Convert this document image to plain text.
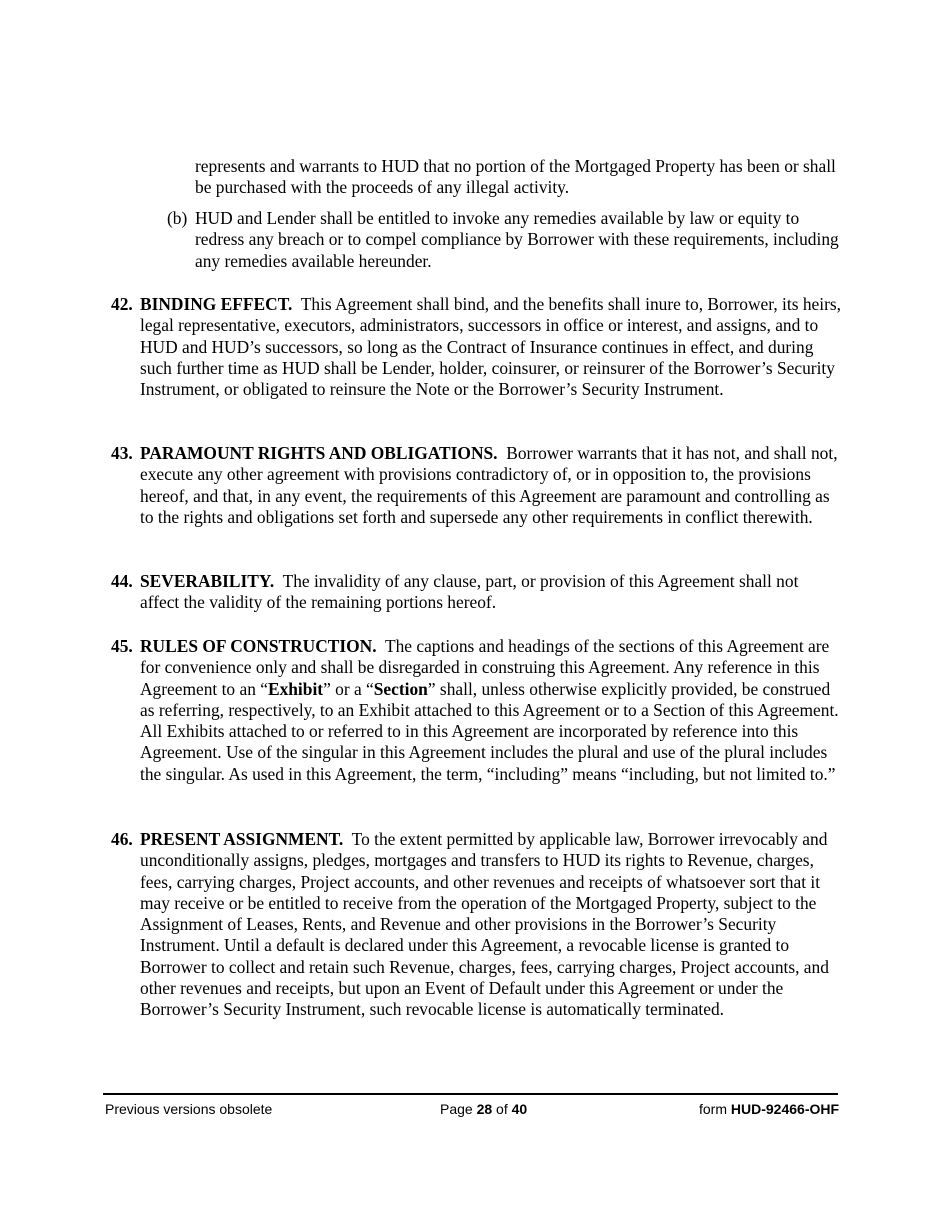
represents and warrants to HUD that no portion of the Mortgaged Property has been or shall be purchased with the proceeds of any illegal activity.

(b) HUD and Lender shall be entitled to invoke any remedies available by law or equity to redress any breach or to compel compliance by Borrower with these requirements, including any remedies available hereunder.
42. BINDING EFFECT. This Agreement shall bind, and the benefits shall inure to, Borrower, its heirs, legal representative, executors, administrators, successors in office or interest, and assigns, and to HUD and HUD’s successors, so long as the Contract of Insurance continues in effect, and during such further time as HUD shall be Lender, holder, coinsurer, or reinsurer of the Borrower’s Security Instrument, or obligated to reinsure the Note or the Borrower’s Security Instrument.
43. PARAMOUNT RIGHTS AND OBLIGATIONS. Borrower warrants that it has not, and shall not, execute any other agreement with provisions contradictory of, or in opposition to, the provisions hereof, and that, in any event, the requirements of this Agreement are paramount and controlling as to the rights and obligations set forth and supersede any other requirements in conflict therewith.
44. SEVERABILITY. The invalidity of any clause, part, or provision of this Agreement shall not affect the validity of the remaining portions hereof.
45. RULES OF CONSTRUCTION. The captions and headings of the sections of this Agreement are for convenience only and shall be disregarded in construing this Agreement. Any reference in this Agreement to an “Exhibit” or a “Section” shall, unless otherwise explicitly provided, be construed as referring, respectively, to an Exhibit attached to this Agreement or to a Section of this Agreement. All Exhibits attached to or referred to in this Agreement are incorporated by reference into this Agreement. Use of the singular in this Agreement includes the plural and use of the plural includes the singular. As used in this Agreement, the term, “including” means “including, but not limited to.”
46. PRESENT ASSIGNMENT. To the extent permitted by applicable law, Borrower irrevocably and unconditionally assigns, pledges, mortgages and transfers to HUD its rights to Revenue, charges, fees, carrying charges, Project accounts, and other revenues and receipts of whatsoever sort that it may receive or be entitled to receive from the operation of the Mortgaged Property, subject to the Assignment of Leases, Rents, and Revenue and other provisions in the Borrower’s Security Instrument. Until a default is declared under this Agreement, a revocable license is granted to Borrower to collect and retain such Revenue, charges, fees, carrying charges, Project accounts, and other revenues and receipts, but upon an Event of Default under this Agreement or under the Borrower’s Security Instrument, such revocable license is automatically terminated.
Previous versions obsolete	Page 28 of 40	form HUD-92466-OHF
